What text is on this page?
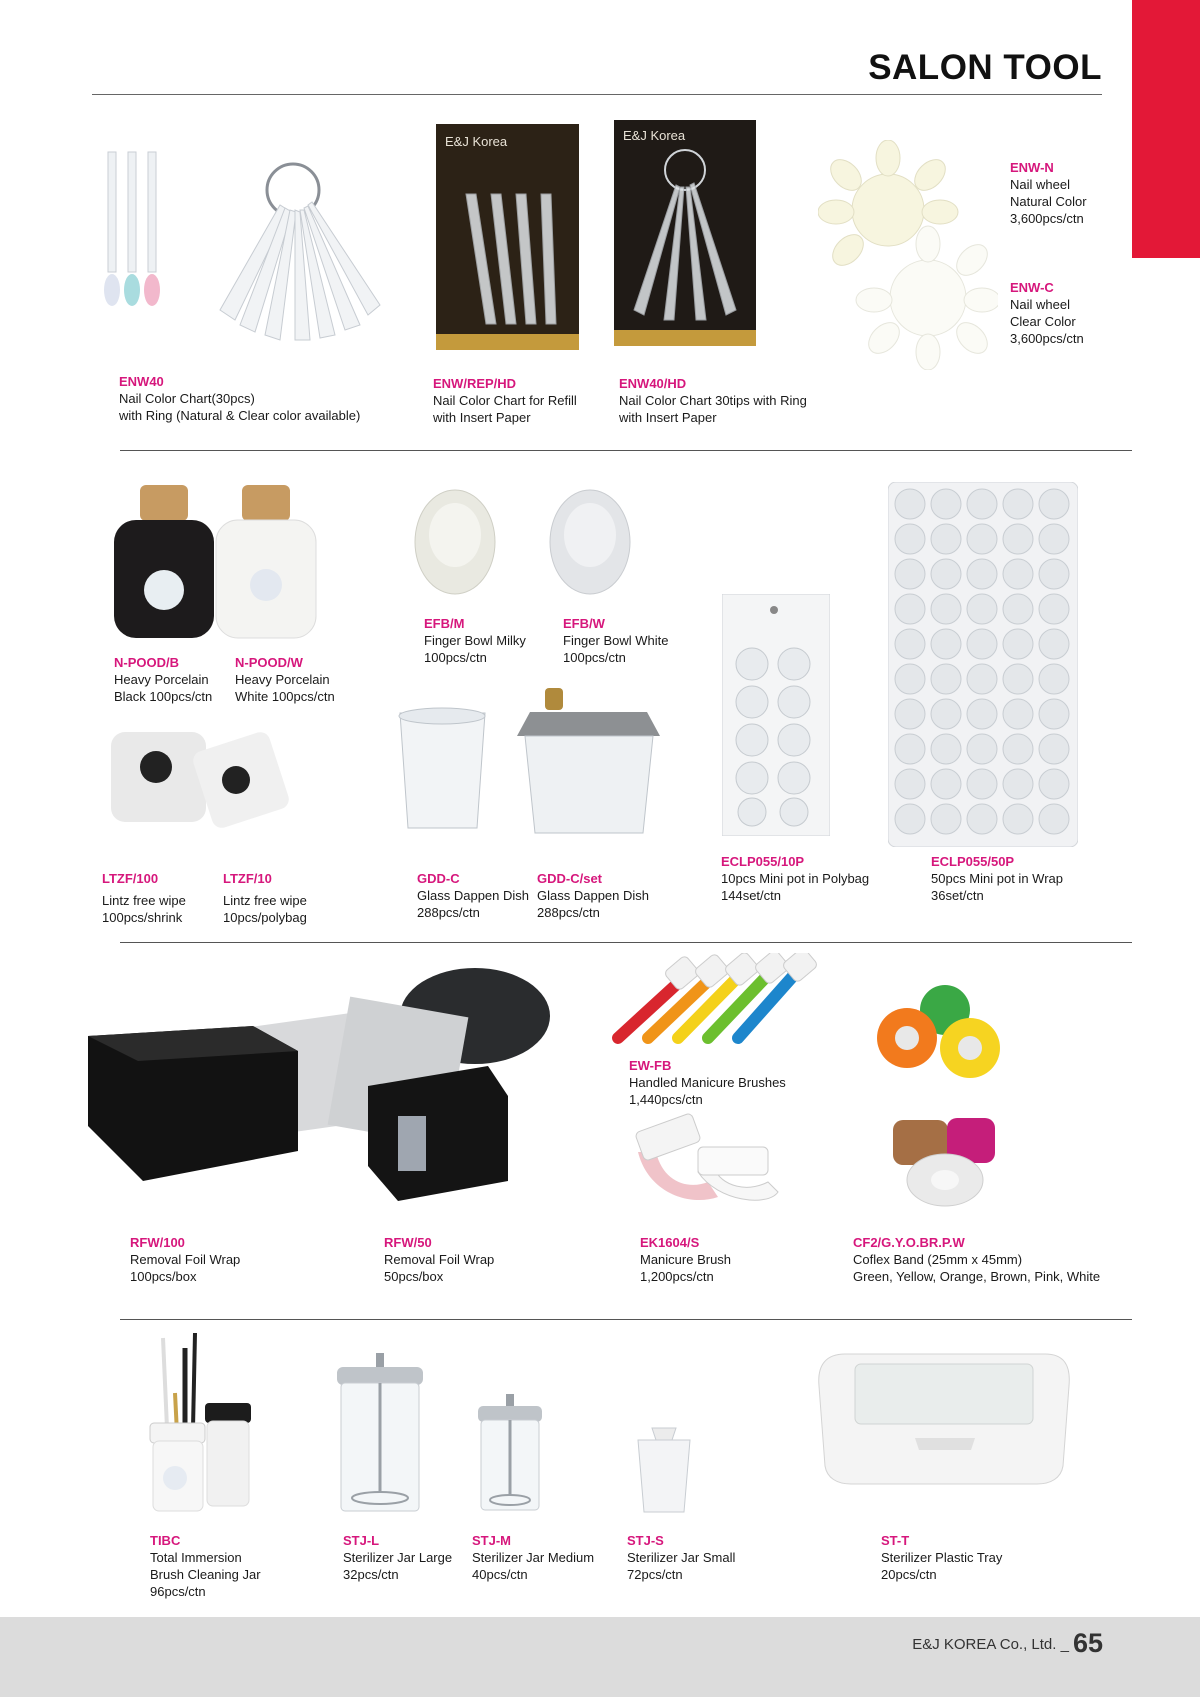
SALON TOOL
ENW40
Nail Color Chart(30pcs)
with Ring (Natural & Clear color available)
E&J Korea
ENW/REP/HD
Nail Color Chart for Refill
with Insert Paper
E&J Korea
ENW40/HD
Nail Color Chart 30tips with Ring
with Insert Paper
ENW-N
Nail wheel
Natural Color
3,600pcs/ctn
ENW-C
Nail wheel
Clear Color
3,600pcs/ctn
N-POOD/B
Heavy Porcelain
Black 100pcs/ctn
N-POOD/W
Heavy Porcelain
White 100pcs/ctn
EFB/M
Finger Bowl Milky
100pcs/ctn
EFB/W
Finger Bowl White
100pcs/ctn
LTZF/100
Lintz free wipe
100pcs/shrink
LTZF/10
Lintz free wipe
10pcs/polybag
GDD-C
Glass Dappen Dish
288pcs/ctn
GDD-C/set
Glass Dappen Dish
288pcs/ctn
ECLP055/10P
10pcs Mini pot in Polybag
144set/ctn
ECLP055/50P
50pcs Mini pot in Wrap
36set/ctn
RFW/100
Removal Foil Wrap
100pcs/box
RFW/50
Removal Foil Wrap
50pcs/box
EW-FB
Handled Manicure Brushes
1,440pcs/ctn
EK1604/S
Manicure Brush
1,200pcs/ctn
CF2/G.Y.O.BR.P.W
Coflex Band (25mm x 45mm)
Green, Yellow, Orange, Brown, Pink, White
TIBC
Total Immersion
Brush Cleaning Jar
96pcs/ctn
STJ-L
Sterilizer Jar Large
32pcs/ctn
STJ-M
Sterilizer Jar Medium
40pcs/ctn
STJ-S
Sterilizer Jar Small
72pcs/ctn
ST-T
Sterilizer Plastic Tray
20pcs/ctn
E&J KOREA Co., Ltd. _ 65
